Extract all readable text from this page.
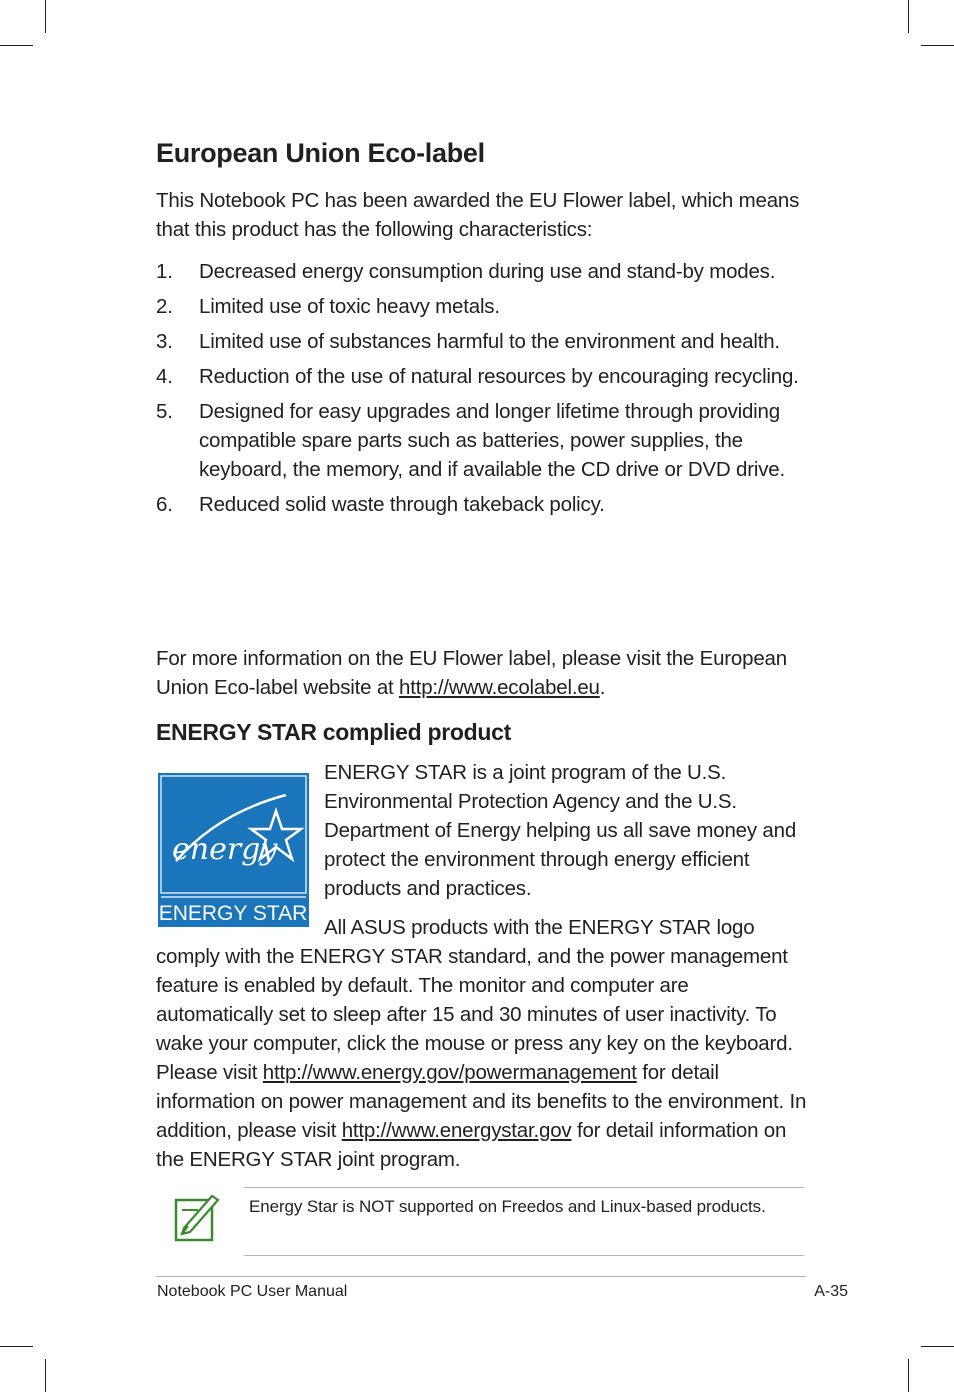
European Union Eco-label

This Notebook PC has been awarded the EU Flower label, which means that this product has the following characteristics:

1. Decreased energy consumption during use and stand-by modes.
2. Limited use of toxic heavy metals.
3. Limited use of substances harmful to the environment and health.
4. Reduction of the use of natural resources by encouraging recycling.
5. Designed for easy upgrades and longer lifetime through providing compatible spare parts such as batteries, power supplies, the keyboard, the memory, and if available the CD drive or DVD drive.
6. Reduced solid waste through takeback policy.

For more information on the EU Flower label, please visit the European Union Eco-label website at http://www.ecolabel.eu.

ENERGY STAR complied product
energy
ENERGY STAR

ENERGY STAR is a joint program of the U.S. Environmental Protection Agency and the U.S. Department of Energy helping us all save money and protect the environment through energy efficient products and practices.

All ASUS products with the ENERGY STAR logo comply with the ENERGY STAR standard, and the power management feature is enabled by default. The monitor and computer are automatically set to sleep after 15 and 30 minutes of user inactivity. To wake your computer, click the mouse or press any key on the keyboard. Please visit http://www.energy.gov/powermanagement for detail information on power management and its benefits to the environment. In addition, please visit http://www.energystar.gov for detail information on the ENERGY STAR joint program.

Energy Star is NOT supported on Freedos and Linux-based products.

Notebook PC User Manual	A-35
